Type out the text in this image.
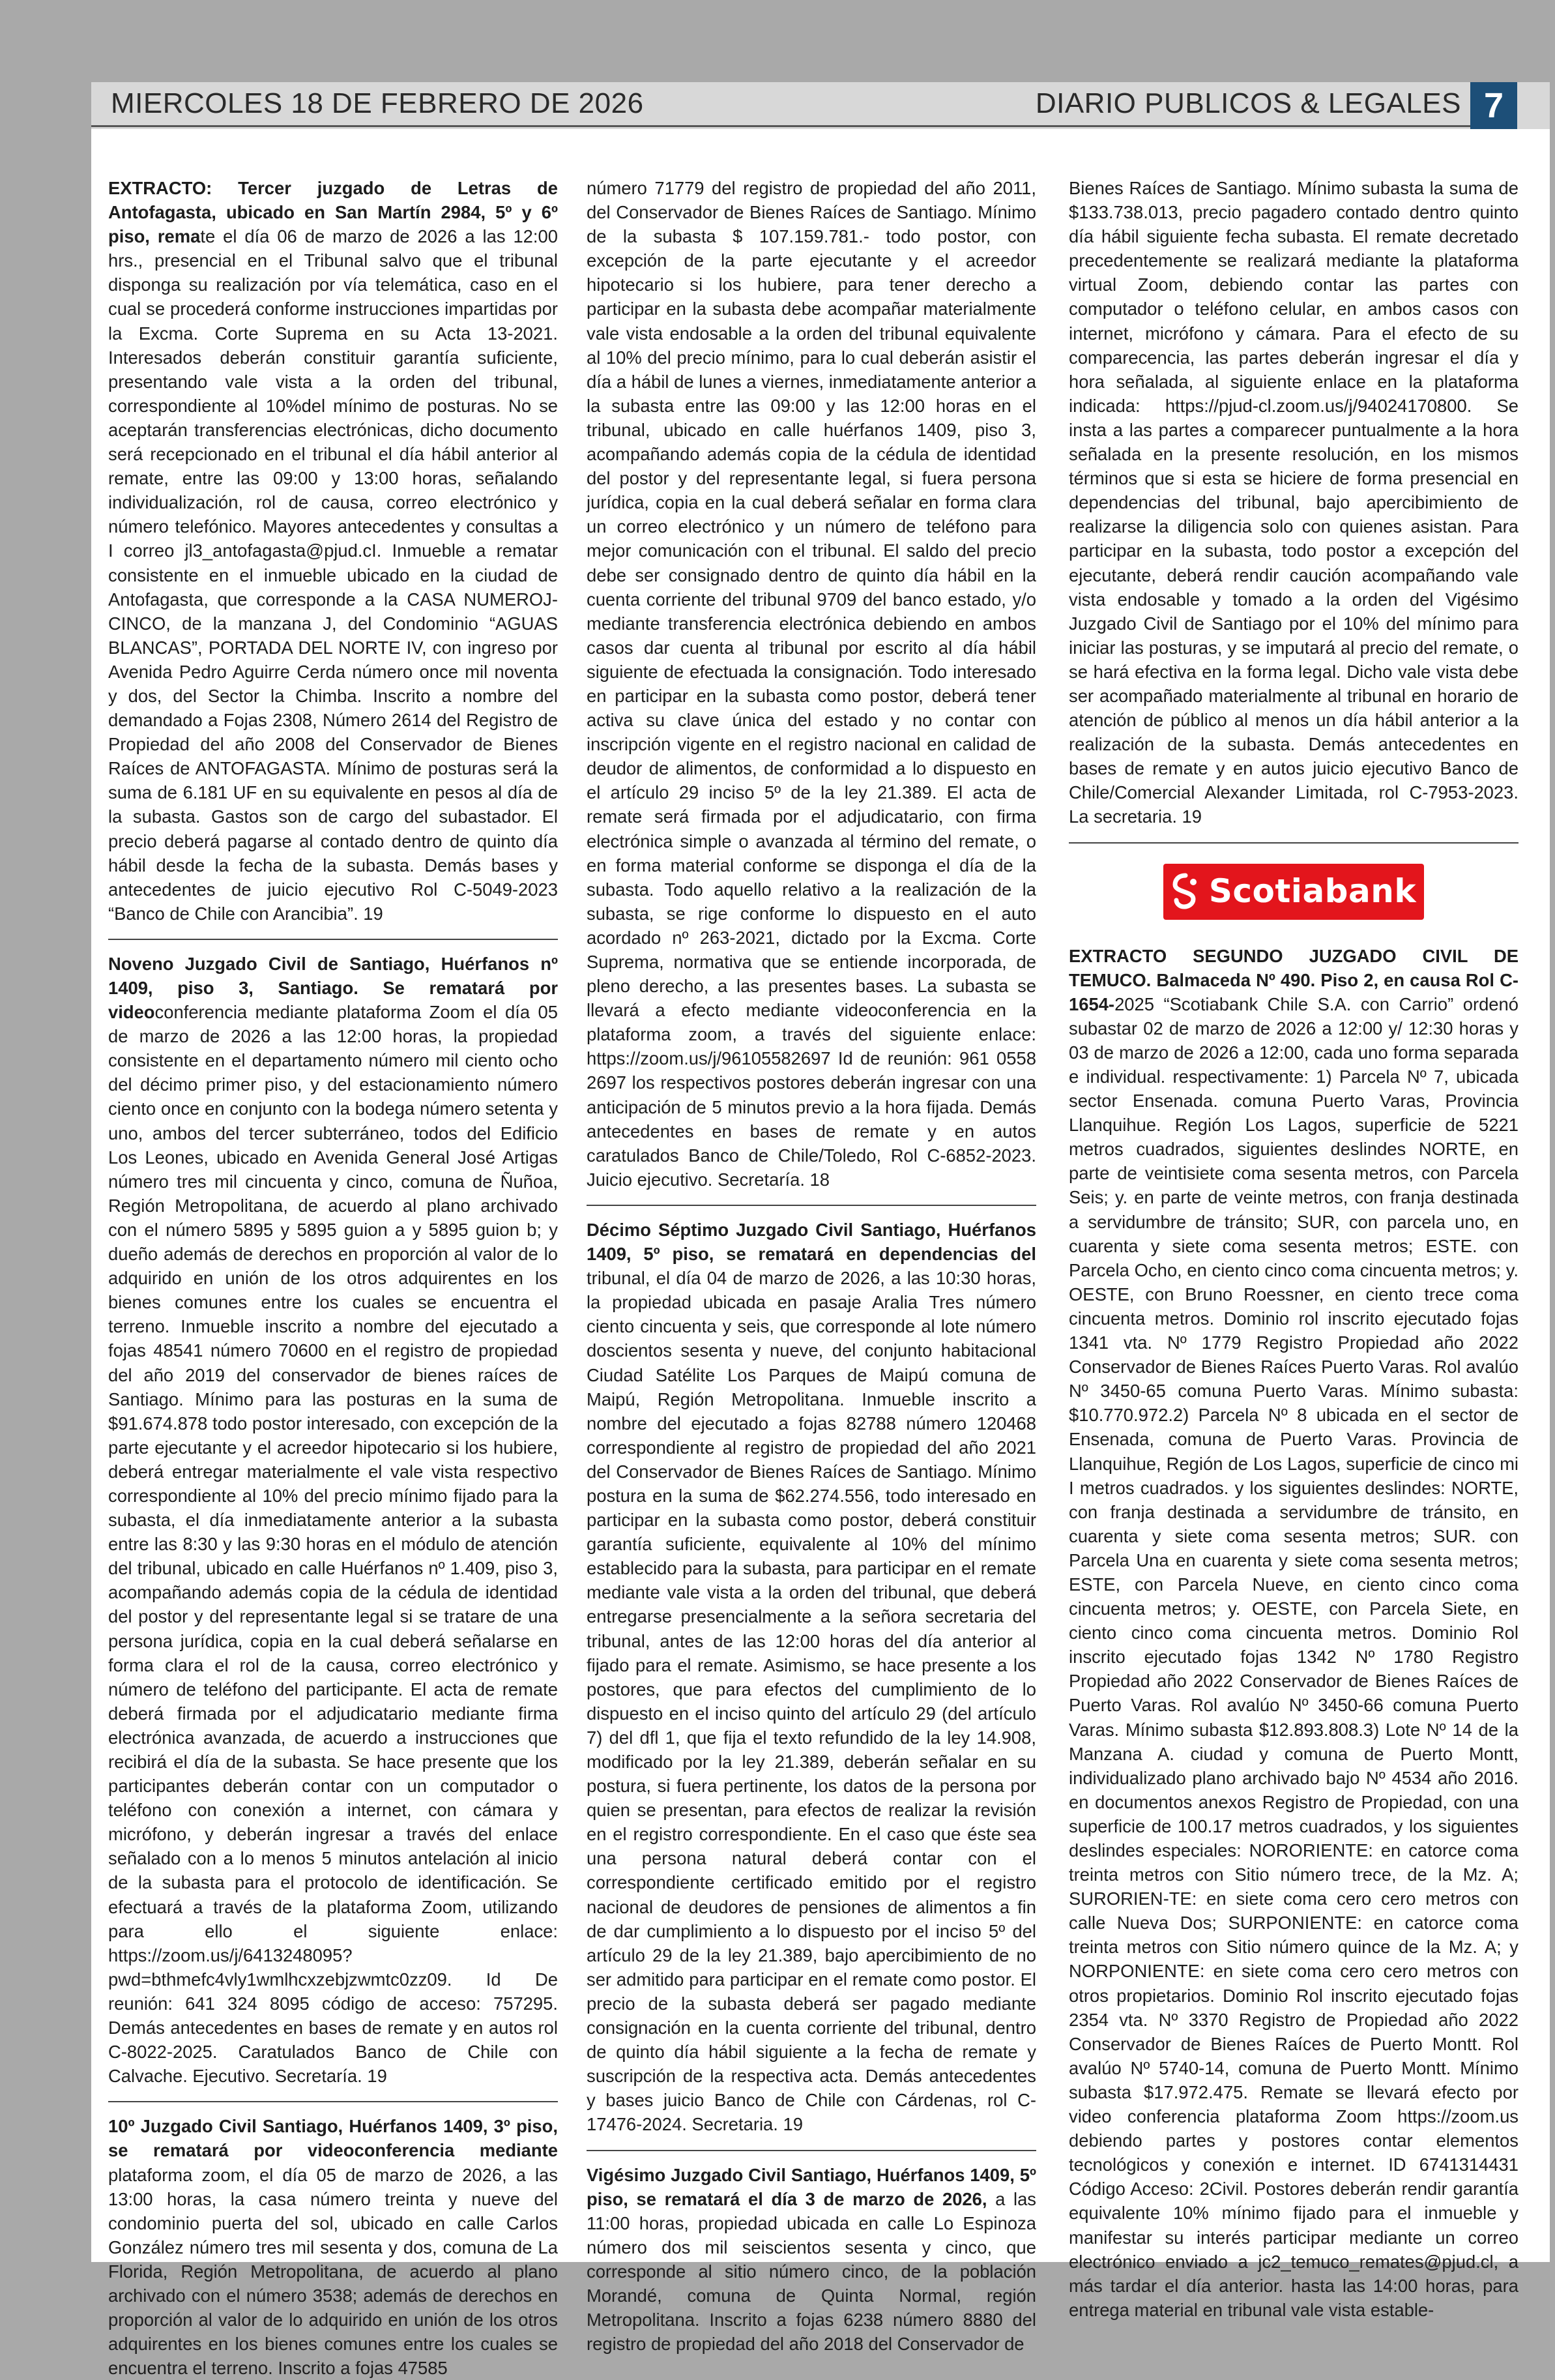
MIERCOLES 18 DE FEBRERO DE 2026	DIARIO PUBLICOS & LEGALES 7
EXTRACTO: Tercer juzgado de Letras de Antofagasta, ubicado en San Martín 2984, 5º y 6º piso, remate el día 06 de marzo de 2026 a las 12:00 hrs., presencial en el Tribunal salvo que el tribunal disponga su realización por vía telemática, caso en el cual se procederá conforme instrucciones impartidas por la Excma. Corte Suprema en su Acta 13-2021. Interesados deberán constituir garantía suficiente, presentando vale vista a la orden del tribunal, correspondiente al 10%del mínimo de posturas. No se aceptarán transferencias electrónicas, dicho documento será recepcionado en el tribunal el día hábil anterior al remate, entre las 09:00 y 13:00 horas, señalando individualización, rol de causa, correo electrónico y número telefónico. Mayores antecedentes y consultas a I correo jl3_antofagasta@pjud.cI. Inmueble a rematar consistente en el inmueble ubicado en la ciudad de Antofagasta, que corresponde a la CASA NUMEROJ-CINCO, de la manzana J, del Condominio “AGUAS BLANCAS”, PORTADA DEL NORTE IV, con ingreso por Avenida Pedro Aguirre Cerda número once mil noventa y dos, del Sector la Chimba. Inscrito a nombre del demandado a Fojas 2308, Número 2614 del Registro de Propiedad del año 2008 del Conservador de Bienes Raíces de ANTOFAGASTA. Mínimo de posturas será la suma de 6.181 UF en su equivalente en pesos al día de la subasta. Gastos son de cargo del subastador. El precio deberá pagarse al contado dentro de quinto día hábil desde la fecha de la subasta. Demás bases y antecedentes de juicio ejecutivo Rol C-5049-2023 “Banco de Chile con Arancibia”. 19
Noveno Juzgado Civil de Santiago, Huérfanos nº 1409, piso 3, Santiago. Se rematará por videoconferencia mediante plataforma Zoom el día 05 de marzo de 2026 a las 12:00 horas, la propiedad consistente en el departamento número mil ciento ocho del décimo primer piso, y del estacionamiento número ciento once en conjunto con la bodega número setenta y uno, ambos del tercer subterráneo, todos del Edificio Los Leones, ubicado en Avenida General José Artigas número tres mil cincuenta y cinco, comuna de Ñuñoa, Región Metropolitana, de acuerdo al plano archivado con el número 5895 y 5895 guion a y 5895 guion b; y dueño además de derechos en proporción al valor de lo adquirido en unión de los otros adquirentes en los bienes comunes entre los cuales se encuentra el terreno. Inmueble inscrito a nombre del ejecutado a fojas 48541 número 70600 en el registro de propiedad del año 2019 del conservador de bienes raíces de Santiago. Mínimo para las posturas en la suma de $91.674.878 todo postor interesado, con excepción de la parte ejecutante y el acreedor hipotecario si los hubiere, deberá entregar materialmente el vale vista respectivo correspondiente al 10% del precio mínimo fijado para la subasta, el día inmediatamente anterior a la subasta entre las 8:30 y las 9:30 horas en el módulo de atención del tribunal, ubicado en calle Huérfanos nº 1.409, piso 3, acompañando además copia de la cédula de identidad del postor y del representante legal si se tratare de una persona jurídica, copia en la cual deberá señalarse en forma clara el rol de la causa, correo electrónico y número de teléfono del participante. El acta de remate deberá firmada por el adjudicatario mediante firma electrónica avanzada, de acuerdo a instrucciones que recibirá el día de la subasta. Se hace presente que los participantes deberán contar con un computador o teléfono con conexión a internet, con cámara y micrófono, y deberán ingresar a través del enlace señalado con a lo menos 5 minutos antelación al inicio de la subasta para el protocolo de identificación. Se efectuará a través de la plataforma Zoom, utilizando para ello el siguiente enlace: https://zoom.us/j/6413248095?pwd=bthmefc4vly1wmlhcxzebjzwmtc0zz09. Id De reunión: 641 324 8095 código de acceso: 757295. Demás antecedentes en bases de remate y en autos rol C-8022-2025. Caratulados Banco de Chile con Calvache. Ejecutivo. Secretaría. 19
10º Juzgado Civil Santiago, Huérfanos 1409, 3º piso, se rematará por videoconferencia mediante plataforma zoom, el día 05 de marzo de 2026, a las 13:00 horas, la casa número treinta y nueve del condominio puerta del sol, ubicado en calle Carlos González número tres mil sesenta y dos, comuna de La Florida, Región Metropolitana, de acuerdo al plano archivado con el número 3538; además de derechos en proporción al valor de lo adquirido en unión de los otros adquirentes en los bienes comunes entre los cuales se encuentra el terreno. Inscrito a fojas 47585
número 71779 del registro de propiedad del año 2011, del Conservador de Bienes Raíces de Santiago. Mínimo de la subasta $ 107.159.781.- todo postor, con excepción de la parte ejecutante y el acreedor hipotecario si los hubiere, para tener derecho a participar en la subasta debe acompañar materialmente vale vista endosable a la orden del tribunal equivalente al 10% del precio mínimo, para lo cual deberán asistir el día a hábil de lunes a viernes, inmediatamente anterior a la subasta entre las 09:00 y las 12:00 horas en el tribunal, ubicado en calle huérfanos 1409, piso 3, acompañando además copia de la cédula de identidad del postor y del representante legal, si fuera persona jurídica, copia en la cual deberá señalar en forma clara un correo electrónico y un número de teléfono para mejor comunicación con el tribunal. El saldo del precio debe ser consignado dentro de quinto día hábil en la cuenta corriente del tribunal 9709 del banco estado, y/o mediante transferencia electrónica debiendo en ambos casos dar cuenta al tribunal por escrito al día hábil siguiente de efectuada la consignación. Todo interesado en participar en la subasta como postor, deberá tener activa su clave única del estado y no contar con inscripción vigente en el registro nacional en calidad de deudor de alimentos, de conformidad a lo dispuesto en el artículo 29 inciso 5º de la ley 21.389. El acta de remate será firmada por el adjudicatario, con firma electrónica simple o avanzada al término del remate, o en forma material conforme se disponga el día de la subasta. Todo aquello relativo a la realización de la subasta, se rige conforme lo dispuesto en el auto acordado nº 263-2021, dictado por la Excma. Corte Suprema, normativa que se entiende incorporada, de pleno derecho, a las presentes bases. La subasta se llevará a efecto mediante videoconferencia en la plataforma zoom, a través del siguiente enlace: https://zoom.us/j/96105582697 Id de reunión: 961 0558 2697 los respectivos postores deberán ingresar con una anticipación de 5 minutos previo a la hora fijada. Demás antecedentes en bases de remate y en autos caratulados Banco de Chile/Toledo, Rol C-6852-2023. Juicio ejecutivo. Secretaría. 18
Décimo Séptimo Juzgado Civil Santiago, Huérfanos 1409, 5º piso, se rematará en dependencias del tribunal, el día 04 de marzo de 2026, a las 10:30 horas, la propiedad ubicada en pasaje Aralia Tres número ciento cincuenta y seis, que corresponde al lote número doscientos sesenta y nueve, del conjunto habitacional Ciudad Satélite Los Parques de Maipú comuna de Maipú, Región Metropolitana. Inmueble inscrito a nombre del ejecutado a fojas 82788 número 120468 correspondiente al registro de propiedad del año 2021 del Conservador de Bienes Raíces de Santiago. Mínimo postura en la suma de $62.274.556, todo interesado en participar en la subasta como postor, deberá constituir garantía suficiente, equivalente al 10% del mínimo establecido para la subasta, para participar en el remate mediante vale vista a la orden del tribunal, que deberá entregarse presencialmente a la señora secretaria del tribunal, antes de las 12:00 horas del día anterior al fijado para el remate. Asimismo, se hace presente a los postores, que para efectos del cumplimiento de lo dispuesto en el inciso quinto del artículo 29 (del artículo 7) del dfl 1, que fija el texto refundido de la ley 14.908, modificado por la ley 21.389, deberán señalar en su postura, si fuera pertinente, los datos de la persona por quien se presentan, para efectos de realizar la revisión en el registro correspondiente. En el caso que éste sea una persona natural deberá contar con el correspondiente certificado emitido por el registro nacional de deudores de pensiones de alimentos a fin de dar cumplimiento a lo dispuesto por el inciso 5º del artículo 29 de la ley 21.389, bajo apercibimiento de no ser admitido para participar en el remate como postor. El precio de la subasta deberá ser pagado mediante consignación en la cuenta corriente del tribunal, dentro de quinto día hábil siguiente a la fecha de remate y suscripción de la respectiva acta. Demás antecedentes y bases juicio Banco de Chile con Cárdenas, rol C-17476-2024. Secretaria. 19
Vigésimo Juzgado Civil Santiago, Huérfanos 1409, 5º piso, se rematará el día 3 de marzo de 2026, a las 11:00 horas, propiedad ubicada en calle Lo Espinoza número dos mil seiscientos sesenta y cinco, que corresponde al sitio número cinco, de la población Morandé, comuna de Quinta Normal, región Metropolitana. Inscrito a fojas 6238 número 8880 del registro de propiedad del año 2018 del Conservador de
Bienes Raíces de Santiago. Mínimo subasta la suma de $133.738.013, precio pagadero contado dentro quinto día hábil siguiente fecha subasta. El remate decretado precedentemente se realizará mediante la plataforma virtual Zoom, debiendo contar las partes con computador o teléfono celular, en ambos casos con internet, micrófono y cámara. Para el efecto de su comparecencia, las partes deberán ingresar el día y hora señalada, al siguiente enlace en la plataforma indicada: https://pjud-cl.zoom.us/j/94024170800. Se insta a las partes a comparecer puntualmente a la hora señalada en la presente resolución, en los mismos términos que si esta se hiciere de forma presencial en dependencias del tribunal, bajo apercibimiento de realizarse la diligencia solo con quienes asistan. Para participar en la subasta, todo postor a excepción del ejecutante, deberá rendir caución acompañando vale vista endosable y tomado a la orden del Vigésimo Juzgado Civil de Santiago por el 10% del mínimo para iniciar las posturas, y se imputará al precio del remate, o se hará efectiva en la forma legal. Dicho vale vista debe ser acompañado materialmente al tribunal en horario de atención de público al menos un día hábil anterior a la realización de la subasta. Demás antecedentes en bases de remate y en autos juicio ejecutivo Banco de Chile/Comercial Alexander Limitada, rol C-7953-2023. La secretaria. 19
Scotiabank
EXTRACTO SEGUNDO JUZGADO CIVIL DE TEMUCO. Balmaceda Nº 490. Piso 2, en causa Rol C-1654-2025 “Scotiabank Chile S.A. con Carrio” ordenó subastar 02 de marzo de 2026 a 12:00 y/ 12:30 horas y 03 de marzo de 2026 a 12:00, cada uno forma separada e individual. respectivamente: 1) Parcela Nº 7, ubicada sector Ensenada. comuna Puerto Varas, Provincia Llanquihue. Región Los Lagos, superficie de 5221 metros cuadrados, siguientes deslindes NORTE, en parte de veintisiete coma sesenta metros, con Parcela Seis; y. en parte de veinte metros, con franja destinada a servidumbre de tránsito; SUR, con parcela uno, en cuarenta y siete coma sesenta metros; ESTE. con Parcela Ocho, en ciento cinco coma cincuenta metros; y. OESTE, con Bruno Roessner, en ciento trece coma cincuenta metros. Dominio rol inscrito ejecutado fojas 1341 vta. Nº 1779 Registro Propiedad año 2022 Conservador de Bienes Raíces Puerto Varas. Rol avalúo Nº 3450-65 comuna Puerto Varas. Mínimo subasta: $10.770.972.2) Parcela Nº 8 ubicada en el sector de Ensenada, comuna de Puerto Varas. Provincia de Llanquihue, Región de Los Lagos, superficie de cinco mi I metros cuadrados. y los siguientes deslindes: NORTE, con franja destinada a servidumbre de tránsito, en cuarenta y siete coma sesenta metros; SUR. con Parcela Una en cuarenta y siete coma sesenta metros; ESTE, con Parcela Nueve, en ciento cinco coma cincuenta metros; y. OESTE, con Parcela Siete, en ciento cinco coma cincuenta metros. Dominio Rol inscrito ejecutado fojas 1342 Nº 1780 Registro Propiedad año 2022 Conservador de Bienes Raíces de Puerto Varas. Rol avalúo Nº 3450-66 comuna Puerto Varas. Mínimo subasta $12.893.808.3) Lote Nº 14 de la Manzana A. ciudad y comuna de Puerto Montt, individualizado plano archivado bajo Nº 4534 año 2016. en documentos anexos Registro de Propiedad, con una superficie de 100.17 metros cuadrados, y los siguientes deslindes especiales: NORORIENTE: en catorce coma treinta metros con Sitio número trece, de la Mz. A; SURORIEN-TE: en siete coma cero cero metros con calle Nueva Dos; SURPONIENTE: en catorce coma treinta metros con Sitio número quince de la Mz. A; y NORPONIENTE: en siete coma cero cero metros con otros propietarios. Dominio Rol inscrito ejecutado fojas 2354 vta. Nº 3370 Registro de Propiedad año 2022 Conservador de Bienes Raíces de Puerto Montt. Rol avalúo Nº 5740-14, comuna de Puerto Montt. Mínimo subasta $17.972.475. Remate se llevará efecto por video conferencia plataforma Zoom https://zoom.us debiendo partes y postores contar elementos tecnológicos y conexión e internet. ID 6741314431 Código Acceso: 2Civil. Postores deberán rendir garantía equivalente 10% mínimo fijado para el inmueble y manifestar su interés participar mediante un correo electrónico enviado a jc2_temuco_remates@pjud.cl, a más tardar el día anterior. hasta las 14:00 horas, para entrega material en tribunal vale vista estable-
